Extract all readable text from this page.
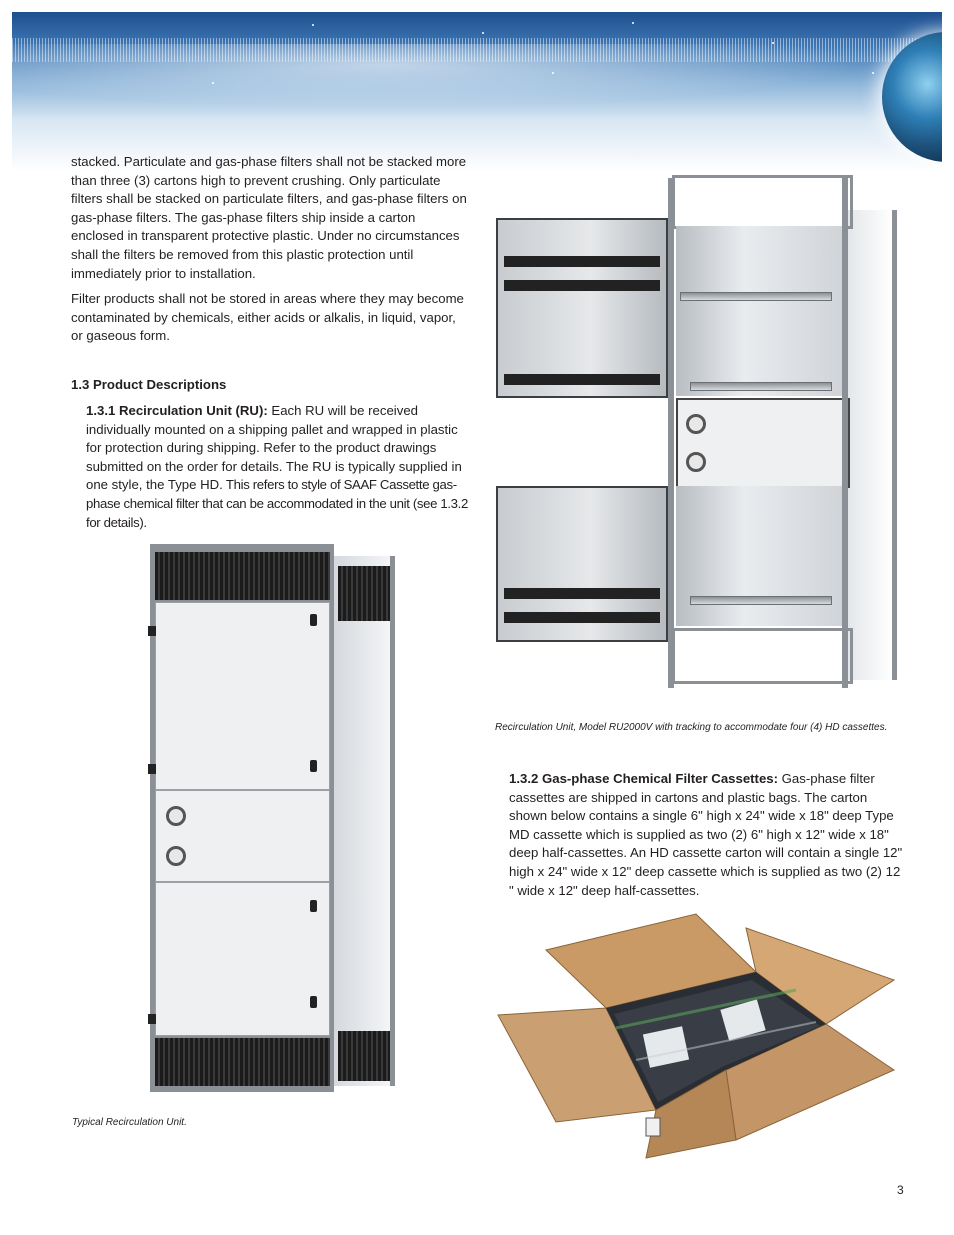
stacked. Particulate and gas-phase filters shall not be stacked more than three (3) cartons high to prevent crushing. Only particulate filters shall be stacked on particulate filters, and gas-phase filters on gas-phase filters. The gas-phase filters ship inside a carton enclosed in transparent protective plastic. Under no circumstances shall the filters be removed from this plastic protection until immediately prior to installation.

Filter products shall not be stored in areas where they may become contaminated by chemicals, either acids or alkalis, in liquid, vapor, or gaseous form.

1.3 Product Descriptions
1.3.1 Recirculation Unit (RU): Each RU will be received individually mounted on a shipping pallet and wrapped in plastic for protection during shipping. Refer to the product drawings submitted on the order for details. The RU is typically supplied in one style, the Type HD. This refers to style of SAAF Cassette gas-phase chemical filter that can be accommodated in the unit (see 1.3.2 for details).
Recirculation Unit, Model RU2000V with tracking to accommodate four (4) HD cassettes.
1.3.2 Gas-phase Chemical Filter Cassettes: Gas-phase filter cassettes are shipped in cartons and plastic bags. The carton shown below contains a single 6" high x 24" wide x 18" deep Type MD cassette which is supplied as two (2) 6" high x 12" wide x 18" deep half-cassettes. An HD cassette carton will contain a single 12" high x 24" wide x 12" deep cassette which is supplied as two (2) 12 " wide x 12" deep half-cassettes.
Typical Recirculation Unit.
3
